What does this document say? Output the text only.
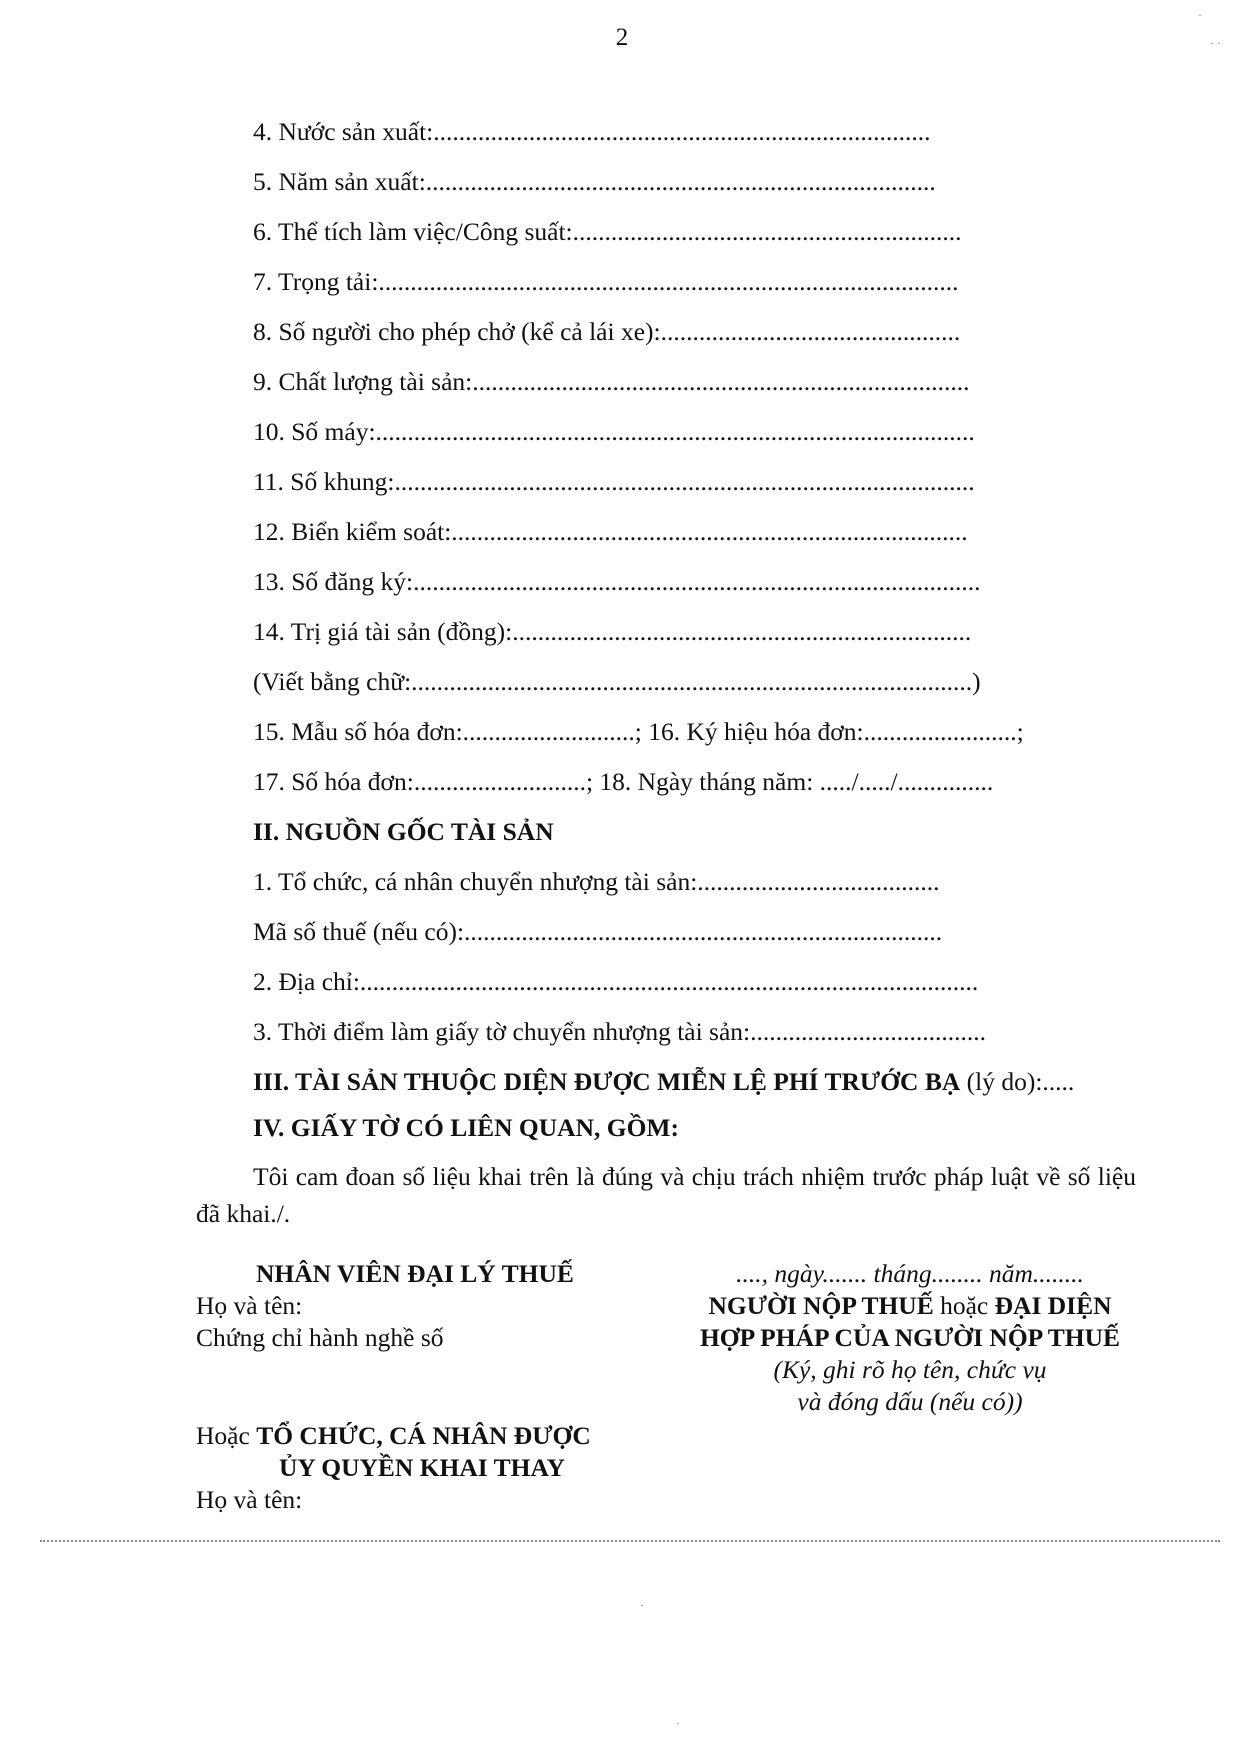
2
4. Nước sản xuất:..............................................................................
5. Năm sản xuất:................................................................................
6. Thể tích làm việc/Công suất:.............................................................
7. Trọng tải:...........................................................................................
8. Số người cho phép chở (kể cả lái xe):...............................................
9. Chất lượng tài sản:..............................................................................
10. Số máy:..............................................................................................
11. Số khung:...........................................................................................
12. Biển kiểm soát:.................................................................................
13. Số đăng ký:.........................................................................................
14. Trị giá tài sản (đồng):........................................................................
(Viết bằng chữ:........................................................................................)
15. Mẫu số hóa đơn:...........................; 16. Ký hiệu hóa đơn:........................;
17. Số hóa đơn:...........................; 18. Ngày tháng năm: ...../...../...............
II. NGUỒN GỐC TÀI SẢN
1. Tổ chức, cá nhân chuyển nhượng tài sản:......................................
Mã số thuế (nếu có):...........................................................................
2. Địa chỉ:.................................................................................................
3. Thời điểm làm giấy tờ chuyển nhượng tài sản:.....................................
III. TÀI SẢN THUỘC DIỆN ĐƯỢC MIỄN LỆ PHÍ TRƯỚC BẠ (lý do):.....
IV. GIẤY TỜ CÓ LIÊN QUAN, GỒM:
Tôi cam đoan số liệu khai trên là đúng và chịu trách nhiệm trước pháp luật về số liệu đã khai./.
NHÂN VIÊN ĐẠI LÝ THUẾ
Họ và tên:
Chứng chỉ hành nghề số
Hoặc TỔ CHỨC, CÁ NHÂN ĐƯỢC
ỦY QUYỀN KHAI THAY
Họ và tên:
...., ngày....... tháng........ năm........
NGƯỜI NỘP THUẾ hoặc ĐẠI DIỆN
HỢP PHÁP CỦA NGƯỜI NỘP THUẾ
(Ký, ghi rõ họ tên, chức vụ
và đóng dấu (nếu có))
·
· ·
·
·
